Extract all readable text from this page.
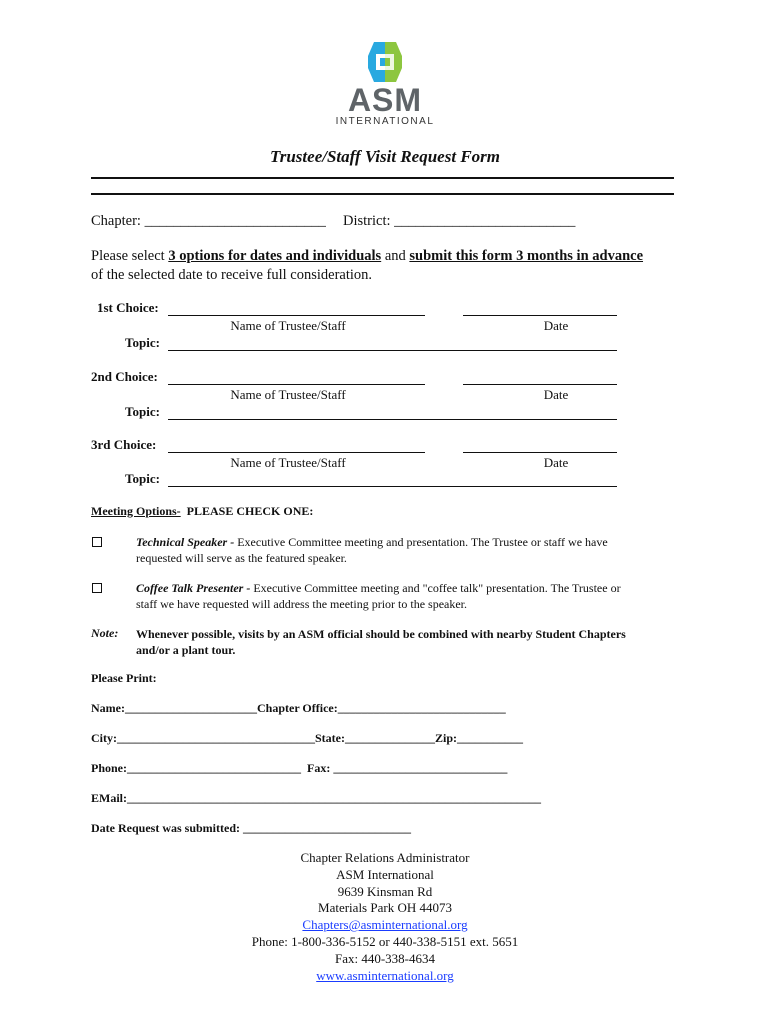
ASM
INTERNATIONAL
Trustee/Staff Visit Request Form
Chapter: _________________________ District: _________________________
Please select 3 options for dates and individuals and submit this form 3 months in advance
of the selected date to receive full consideration.
1st Choice:
Name of Trustee/Staff	Date
Topic:
2nd Choice:
Name of Trustee/Staff	Date
Topic:
3rd Choice:
Name of Trustee/Staff	Date
Topic:
Meeting Options- PLEASE CHECK ONE:
Technical Speaker - Executive Committee meeting and presentation. The Trustee or staff we have
requested will serve as the featured speaker.
Coffee Talk Presenter - Executive Committee meeting and "coffee talk" presentation. The Trustee or
staff we have requested will address the meeting prior to the speaker.
Note: Whenever possible, visits by an ASM official should be combined with nearby Student Chapters
and/or a plant tour.
Please Print:
Name:______________________Chapter Office:____________________________
City:_________________________________State:_______________Zip:___________
Phone:_____________________________  Fax: _____________________________
EMail:_____________________________________________________________________
Date Request was submitted: ____________________________
Chapter Relations Administrator
ASM International
9639 Kinsman Rd
Materials Park OH 44073
Chapters@asminternational.org
Phone: 1-800-336-5152 or 440-338-5151 ext. 5651
Fax: 440-338-4634
www.asminternational.org
